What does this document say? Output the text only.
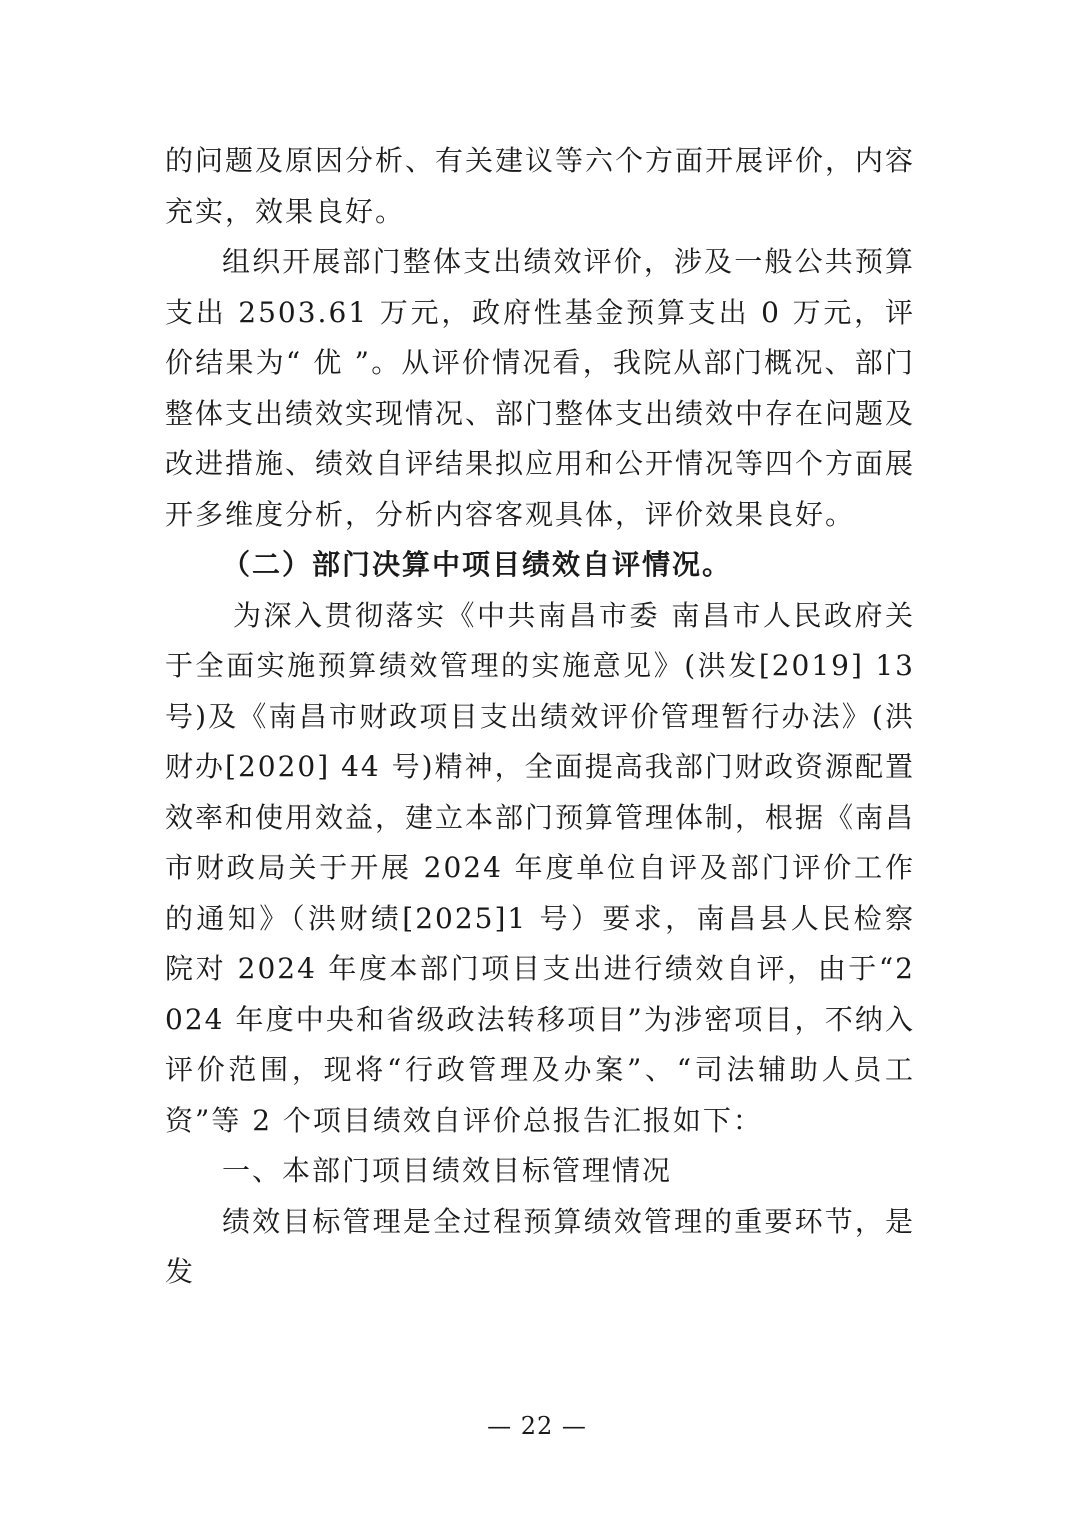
的问题及原因分析、有关建议等六个方面开展评价，内容充实，效果良好。

组织开展部门整体支出绩效评价，涉及一般公共预算支出 2503.61 万元，政府性基金预算支出 0 万元，评价结果为“ 优 ”。从评价情况看，我院从部门概况、部门整体支出绩效实现情况、部门整体支出绩效中存在问题及改进措施、绩效自评结果拟应用和公开情况等四个方面展开多维度分析，分析内容客观具体，评价效果良好。

（二）部门决算中项目绩效自评情况。

为深入贯彻落实《中共南昌市委 南昌市人民政府关于全面实施预算绩效管理的实施意见》(洪发[2019] 13 号)及《南昌市财政项目支出绩效评价管理暂行办法》(洪财办[2020] 44 号)精神，全面提高我部门财政资源配置效率和使用效益，建立本部门预算管理体制，根据《南昌市财政局关于开展 2024 年度单位自评及部门评价工作的通知》（洪财绩[2025]1 号）要求，南昌县人民检察院对 2024 年度本部门项目支出进行绩效自评，由于“2024 年度中央和省级政法转移项目”为涉密项目，不纳入评价范围，现将“行政管理及办案”、“司法辅助人员工资”等 2 个项目绩效自评价总报告汇报如下：

一、本部门项目绩效目标管理情况

绩效目标管理是全过程预算绩效管理的重要环节，是发

— 22 —
